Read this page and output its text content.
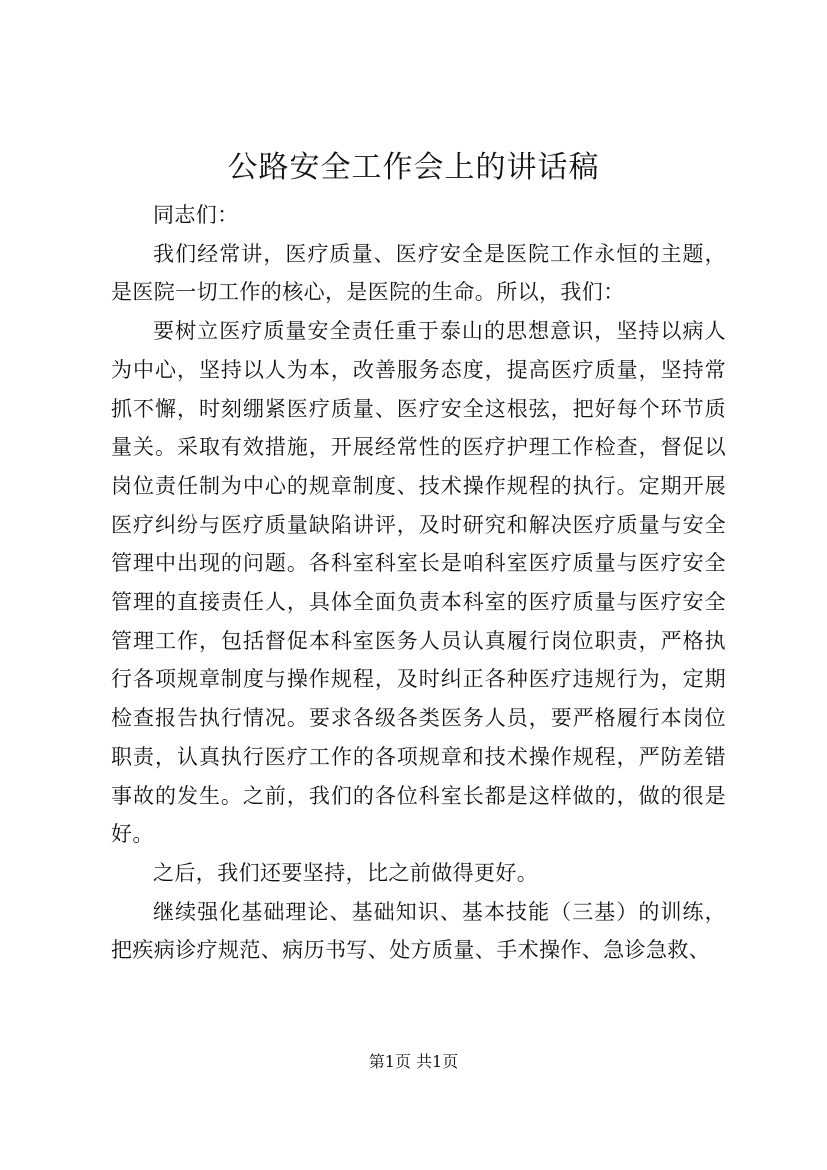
公路安全工作会上的讲话稿

同志们：

我们经常讲，医疗质量、医疗安全是医院工作永恒的主题，是医院一切工作的核心，是医院的生命。所以，我们：

要树立医疗质量安全责任重于泰山的思想意识，坚持以病人为中心，坚持以人为本，改善服务态度，提高医疗质量，坚持常抓不懈，时刻绷紧医疗质量、医疗安全这根弦，把好每个环节质量关。采取有效措施，开展经常性的医疗护理工作检查，督促以岗位责任制为中心的规章制度、技术操作规程的执行。定期开展医疗纠纷与医疗质量缺陷讲评，及时研究和解决医疗质量与安全管理中出现的问题。各科室科室长是咱科室医疗质量与医疗安全管理的直接责任人，具体全面负责本科室的医疗质量与医疗安全管理工作，包括督促本科室医务人员认真履行岗位职责，严格执行各项规章制度与操作规程，及时纠正各种医疗违规行为，定期检查报告执行情况。要求各级各类医务人员，要严格履行本岗位职责，认真执行医疗工作的各项规章和技术操作规程，严防差错事故的发生。之前，我们的各位科室长都是这样做的，做的很是好。

之后，我们还要坚持，比之前做得更好。

继续强化基础理论、基础知识、基本技能（三基）的训练，把疾病诊疗规范、病历书写、处方质量、手术操作、急诊急救、

第1页 共1页
